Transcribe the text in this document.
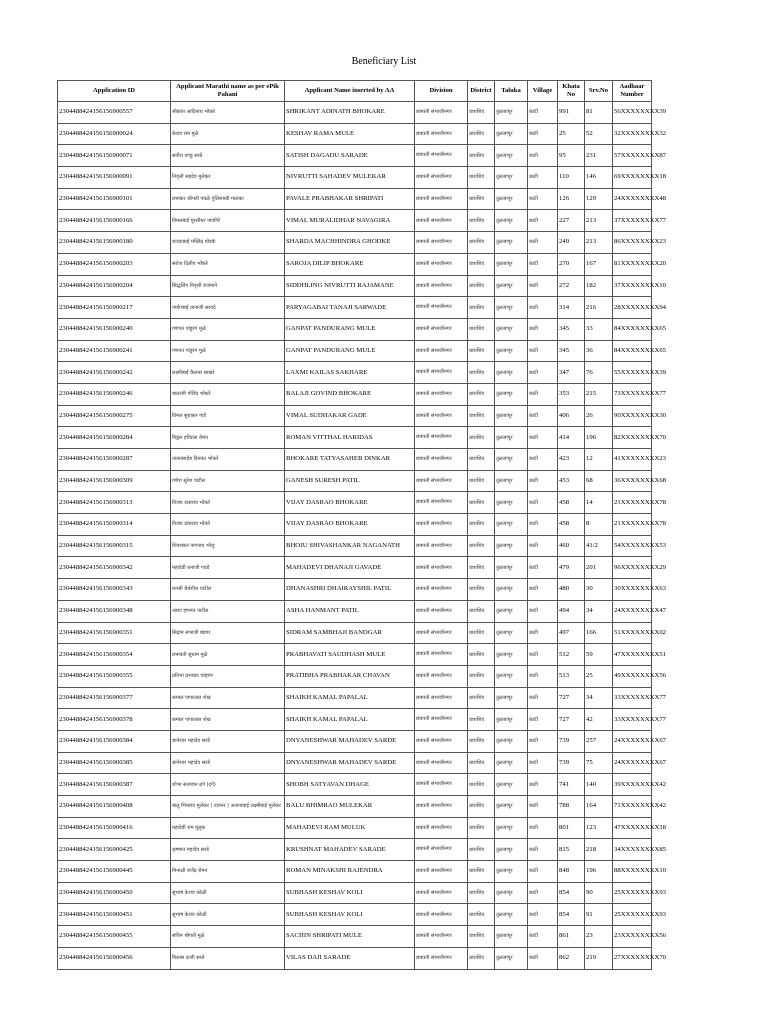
Beneficiary List
Application ID	Applicant Marathi name as per ePik Pahani	Applicant Name inserted by AA	Division	District	Taluka	Village	Khata No	Srv.No	Aadhaar Number
2304488424156156900557	श्रीकांत आदिनाथ भोकरे	SHRIKANT ADINATH BHOKARE	छत्रपती संभाजीनगर	धाराशिव	तुळजापूर	काटी	991	81	56XXXXXXXX39
2304488424156156900024	केशव राम मुळे	KESHAV RAMA MULE	छत्रपती संभाजीनगर	धाराशिव	तुळजापूर	काटी	25	52	32XXXXXXXX32
2304488424156156900071	सतीश दगडु सरडे	SATISH DAGADU SARADE	छत्रपती संभाजीनगर	धाराशिव	तुळजापूर	काटी	95	231	57XXXXXXXX87
2304488424156156900091	निवृत्ती सहदेव मुलेकर	NIVRUTTI SAHADEV MULEKAR	छत्रपती संभाजीनगर	धाराशिव	तुळजापूर	काटी	110	146	69XXXXXXXX18
2304488424156156900101	प्रभाकर श्रीपती पवळे गुलिस्ताबी मालका	PAVALE PRABHAKAR SHRIPATI	छत्रपती संभाजीनगर	धाराशिव	तुळजापूर	काटी	126	129	24XXXXXXXX48
2304488424156156900166	विमलबाई मुरलीधर नावगिरे	VIMAL MURALIDHAR NAVAGIRA	छत्रपती संभाजीनगर	धाराशिव	तुळजापूर	काटी	227	213	37XXXXXXXX77
2304488424156156900180	शारदाबाई मच्छिंद्र घोडके	SHARDA MACHHINDRA GHODKE	छत्रपती संभाजीनगर	धाराशिव	तुळजापूर	काटी	249	213	86XXXXXXXX23
2304488424156156900203	सरोज दिलीप भोकरे	SAROJA DILIP BHOKARE	छत्रपती संभाजीनगर	धाराशिव	तुळजापूर	काटी	270	167	81XXXXXXXX20
2304488424156156900204	सिद्धलिंग निवृत्ती राजमाने	SIDDHLING NIVRUTTI RAJAMANE	छत्रपती संभाजीनगर	धाराशिव	तुळजापूर	काटी	272	182	37XXXXXXXX10
2304488424156156900217	पर्यागबाई तानाजी सरवदे	PARYAGABAI TANAJI SARWADE	छत्रपती संभाजीनगर	धाराशिव	तुळजापूर	काटी	314	216	28XXXXXXXX94
2304488424156156900240	गणपत पांडुरंग मुळे	GANPAT PANDURANG MULE	छत्रपती संभाजीनगर	धाराशिव	तुळजापूर	काटी	345	33	84XXXXXXXX65
2304488424156156900241	गणपत पांडुरंग मुळे	GANPAT PANDURANG MULE	छत्रपती संभाजीनगर	धाराशिव	तुळजापूर	काटी	345	36	84XXXXXXXX65
2304488424156156900242	लक्ष्मीबाई कैलास साखरे	LAXMI KAILAS SAKHARE	छत्रपती संभाजीनगर	धाराशिव	तुळजापूर	काटी	347	76	55XXXXXXXX39
2304488424156156900246	बालाजी गोविंद भोकरे	BALAJI GOVIND BHOKARE	छत्रपती संभाजीनगर	धाराशिव	तुळजापूर	काटी	353	215	73XXXXXXXX77
2304488424156156900275	विमल सुधाकर गाडे	VIMAL SUDHAKAR GADE	छत्रपती संभाजीनगर	धाराशिव	तुळजापूर	काटी	406	26	90XXXXXXXX30
2304488424156156900284	विठ्ठल हरिदास रोमन	ROMAN VITTHAL HARIDAS	छत्रपती संभाजीनगर	धाराशिव	तुळजापूर	काटी	414	196	82XXXXXXXX70
2304488424156156900287	तात्यासाहेब दिनकर भोकरे	BHOKARE TATYASAHEB DINKAR	छत्रपती संभाजीनगर	धाराशिव	तुळजापूर	काटी	423	12	41XXXXXXXX23
2304488424156156900309	गणेश सुरेश पाटील	GANESH SURESH PATIL	छत्रपती संभाजीनगर	धाराशिव	तुळजापूर	काटी	453	68	36XXXXXXXX68
2304488424156156900313	विजय दासराव भोकरे	VIJAY DASRAO BHOKARE	छत्रपती संभाजीनगर	धाराशिव	तुळजापूर	काटी	458	14	21XXXXXXXX78
2304488424156156900314	विजय दासराव भोकरे	VIJAY DASRAO BHOKARE	छत्रपती संभाजीनगर	धाराशिव	तुळजापूर	काटी	458	8	21XXXXXXXX78
2304488424156156900315	शिवशंकर नागनाथ भोजु	BHOJU SHIVASHANKAR NAGANATH	छत्रपती संभाजीनगर	धाराशिव	तुळजापूर	काटी	460	41/2	54XXXXXXXX53
2304488424156156900342	महादेवी धनाजी गवडे	MAHADEVI DHANAJI GAVADE	छत्रपती संभाजीनगर	धाराशिव	तुळजापूर	काटी	479	201	96XXXXXXXX29
2304488424156156900343	धनश्री धैर्यशील पाटील	DHANASHRI DHAIRAYSHIL PATIL	छत्रपती संभाजीनगर	धाराशिव	तुळजापूर	काटी	480	30	30XXXXXXXX63
2304488424156156900348	आशा हणमंत पाटील	ASHA HANMANT PATIL	छत्रपती संभाजीनगर	धाराशिव	तुळजापूर	काटी	494	34	24XXXXXXXX47
2304488424156156900351	सिद्राम संभाजी बंडगर	SIDRAM SAMBHAJI BANDGAR	छत्रपती संभाजीनगर	धाराशिव	तुळजापूर	काटी	497	166	51XXXXXXXX02
2304488424156156900354	प्रभावती सुधाम मुळे	PRABHAVATI SAUDHASH MULE	छत्रपती संभाजीनगर	धाराशिव	तुळजापूर	काटी	512	59	47XXXXXXXX51
2304488424156156900355	प्रतिभा प्रभाकर चव्हाण	PRATIBHA PRABHAKAR CHAVAN	छत्रपती संभाजीनगर	धाराशिव	तुळजापूर	काटी	513	25	49XXXXXXXX56
2304488424156156900377	कमाल पापालाल शेख	SHAIKH KAMAL PAPALAL	छत्रपती संभाजीनगर	धाराशिव	तुळजापूर	काटी	727	34	33XXXXXXXX77
2304488424156156900378	कमाल पापालाल शेख	SHAIKH KAMAL PAPALAL	छत्रपती संभाजीनगर	धाराशिव	तुळजापूर	काटी	727	42	33XXXXXXXX77
2304488424156156900384	ज्ञानेश्वर महादेव सरडे	DNYANESHWAR MAHADEV SARDE	छत्रपती संभाजीनगर	धाराशिव	तुळजापूर	काटी	739	257	24XXXXXXXX67
2304488424156156900385	ज्ञानेश्वर महादेव सरडे	DNYANESHWAR MAHADEV SARDE	छत्रपती संभाजीनगर	धाराशिव	तुळजापूर	काटी	739	75	24XXXXXXXX67
2304488424156156900387	शोभा सत्यवान ढगे (दगे)	SHOBH SATYAVAN DHAGE	छत्रपती संभाजीनगर	धाराशिव	तुळजापूर	काटी	741	140	39XXXXXXXX42
2304488424156156900408	बालु भिमराव मुलेकर ( दावनर ) अजनाबाई लक्ष्मीबाई मुलेकर	BALU BHIMRAO MULEKAR	छत्रपती संभाजीनगर	धाराशिव	तुळजापूर	काटी	788	164	71XXXXXXXX42
2304488424156156900416	महादेवी राम मुलुक	MAHADEVI RAM MULUK	छत्रपती संभाजीनगर	धाराशिव	तुळजापूर	काटी	801	123	47XXXXXXXX18
2304488424156156900425	कृष्णात महादेव सरडे	KRUSHNAT MAHADEV SARADE	छत्रपती संभाजीनगर	धाराशिव	तुळजापूर	काटी	815	218	34XXXXXXXX85
2304488424156156900445	मिनाक्षी राजेंद्र रोमन	ROMAN MINAKSHI RAJENDRA	छत्रपती संभाजीनगर	धाराशिव	तुळजापूर	काटी	848	196	88XXXXXXXX10
2304488424156156900450	सुभाष केशव कोळी	SUBHASH KESHAV KOLI	छत्रपती संभाजीनगर	धाराशिव	तुळजापूर	काटी	854	90	25XXXXXXXX93
2304488424156156900451	सुभाष केशव कोळी	SUBHASH KESHAV KOLI	छत्रपती संभाजीनगर	धाराशिव	तुळजापूर	काटी	854	91	25XXXXXXXX93
2304488424156156900455	सचिन श्रीपती मुळे	SACHIN SHRIPATI MULE	छत्रपती संभाजीनगर	धाराशिव	तुळजापूर	काटी	861	23	23XXXXXXXX56
2304488424156156900456	विलास दाजी सरडे	VILAS DAJI SARADE	छत्रपती संभाजीनगर	धाराशिव	तुळजापूर	काटी	862	219	27XXXXXXXX70
